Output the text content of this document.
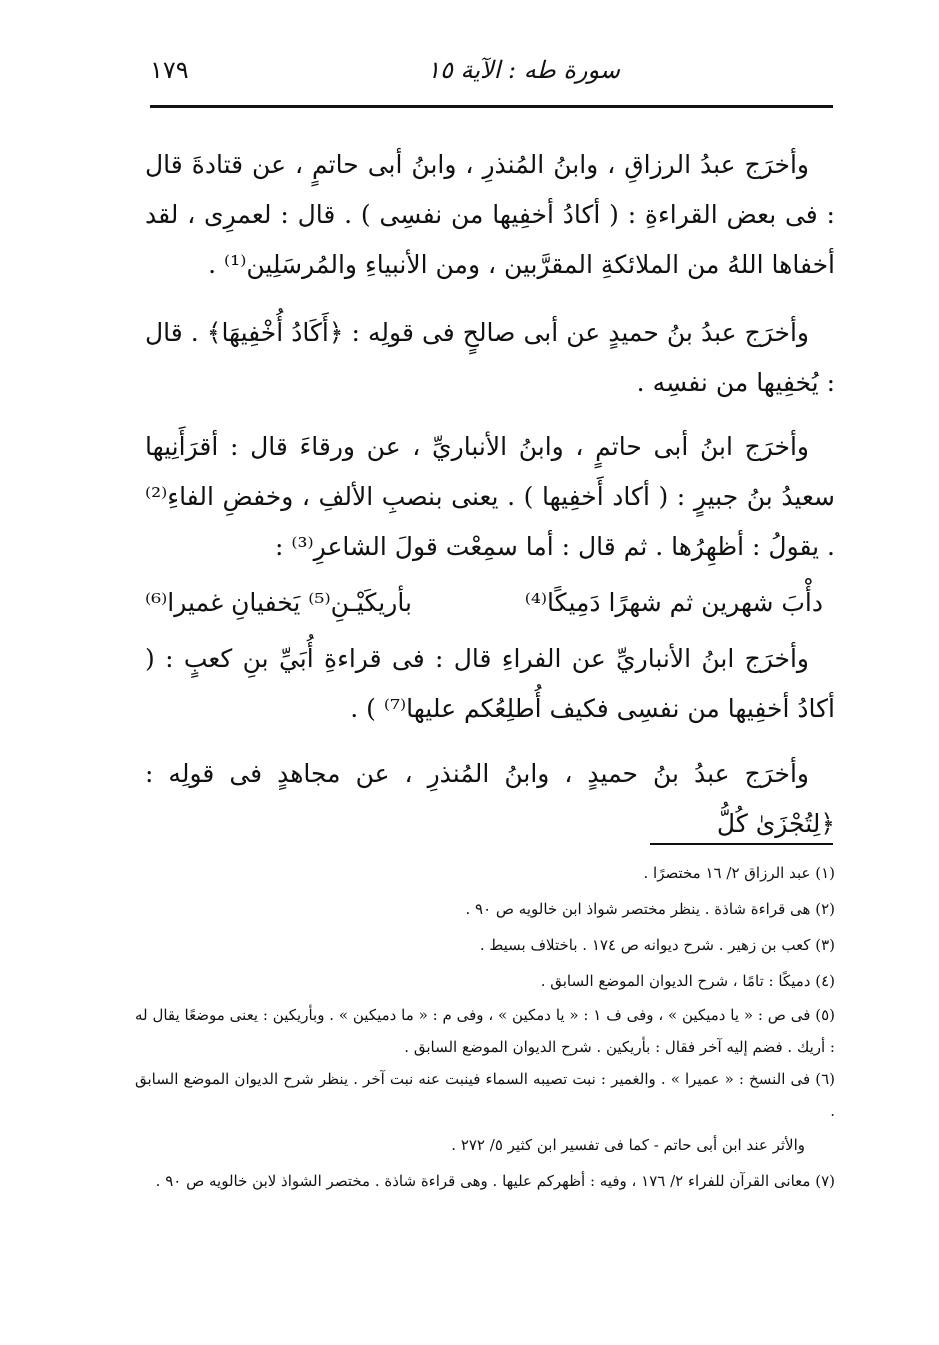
سورة طه : الآية ١٥
١٧٩

وأخرَج عبدُ الرزاقِ ، وابنُ المُنذرِ ، وابنُ أبى حاتمٍ ، عن قتادةَ قال : فى بعض القراءةِ : ( أكادُ أخفِيها من نفسِى ) . قال : لعمرِى ، لقد أخفاها اللهُ من الملائكةِ المقرَّبين ، ومن الأنبياءِ والمُرسَلِين⁽¹⁾ .

وأخرَج عبدُ بنُ حميدٍ عن أبى صالحٍ فى قولِه : ﴿أَكَادُ أُخْفِيهَا﴾ . قال : يُخفِيها من نفسِه .

وأخرَج ابنُ أبى حاتمٍ ، وابنُ الأنباريِّ ، عن ورقاءَ قال : أقرَأَنِيها سعيدُ بنُ جبيرٍ : ( أكاد أَخفِيها ) . يعنى بنصبِ الألفِ ، وخفضِ الفاءِ⁽²⁾ . يقولُ : أظهِرُها . ثم قال : أما سمِعْت قولَ الشاعرِ⁽³⁾ :

دأْبَ شهرين ثم شهرًا دَمِيكًا⁽⁴⁾
بأريكَيْـنِ⁽⁵⁾ يَخفيانِ غميرا⁽⁶⁾

وأخرَج ابنُ الأنباريِّ عن الفراءِ قال : فى قراءةِ أُبَيِّ بنِ كعبٍ : ( أكادُ أخفِيها من نفسِى فكيف أُطلِعُكم عليها⁽⁷⁾ ) .

وأخرَج عبدُ بنُ حميدٍ ، وابنُ المُنذرِ ، عن مجاهدٍ فى قولِه : ﴿لِتُجْزَىٰ كُلُّ

(١) عبد الرزاق ٢/ ١٦ مختصرًا .

(٢) هى قراءة شاذة . ينظر مختصر شواذ ابن خالويه ص ٩٠ .

(٣) كعب بن زهير . شرح ديوانه ص ١٧٤ . باختلاف بسيط .

(٤) دميكًا : تامًا ، شرح الديوان الموضع السابق .

(٥) فى ص : « يا دميكين » ، وفى ف ١ : « يا دمكين » ، وفى م : « ما دميكين » . وبأريكين : يعنى موضعًا يقال له : أريك . فضم إليه آخر فقال : بأريكين . شرح الديوان الموضع السابق .

(٦) فى النسخ : « عميرا » . والغمير : نبت تصيبه السماء فينبت عنه نبت آخر . ينظر شرح الديوان الموضع السابق .

والأثر عند ابن أبى حاتم - كما فى تفسير ابن كثير ٥/ ٢٧٢ .

(٧) معانى القرآن للفراء ٢/ ١٧٦ ، وفيه : أظهركم عليها . وهى قراءة شاذة . مختصر الشواذ لابن خالويه ص ٩٠ .
